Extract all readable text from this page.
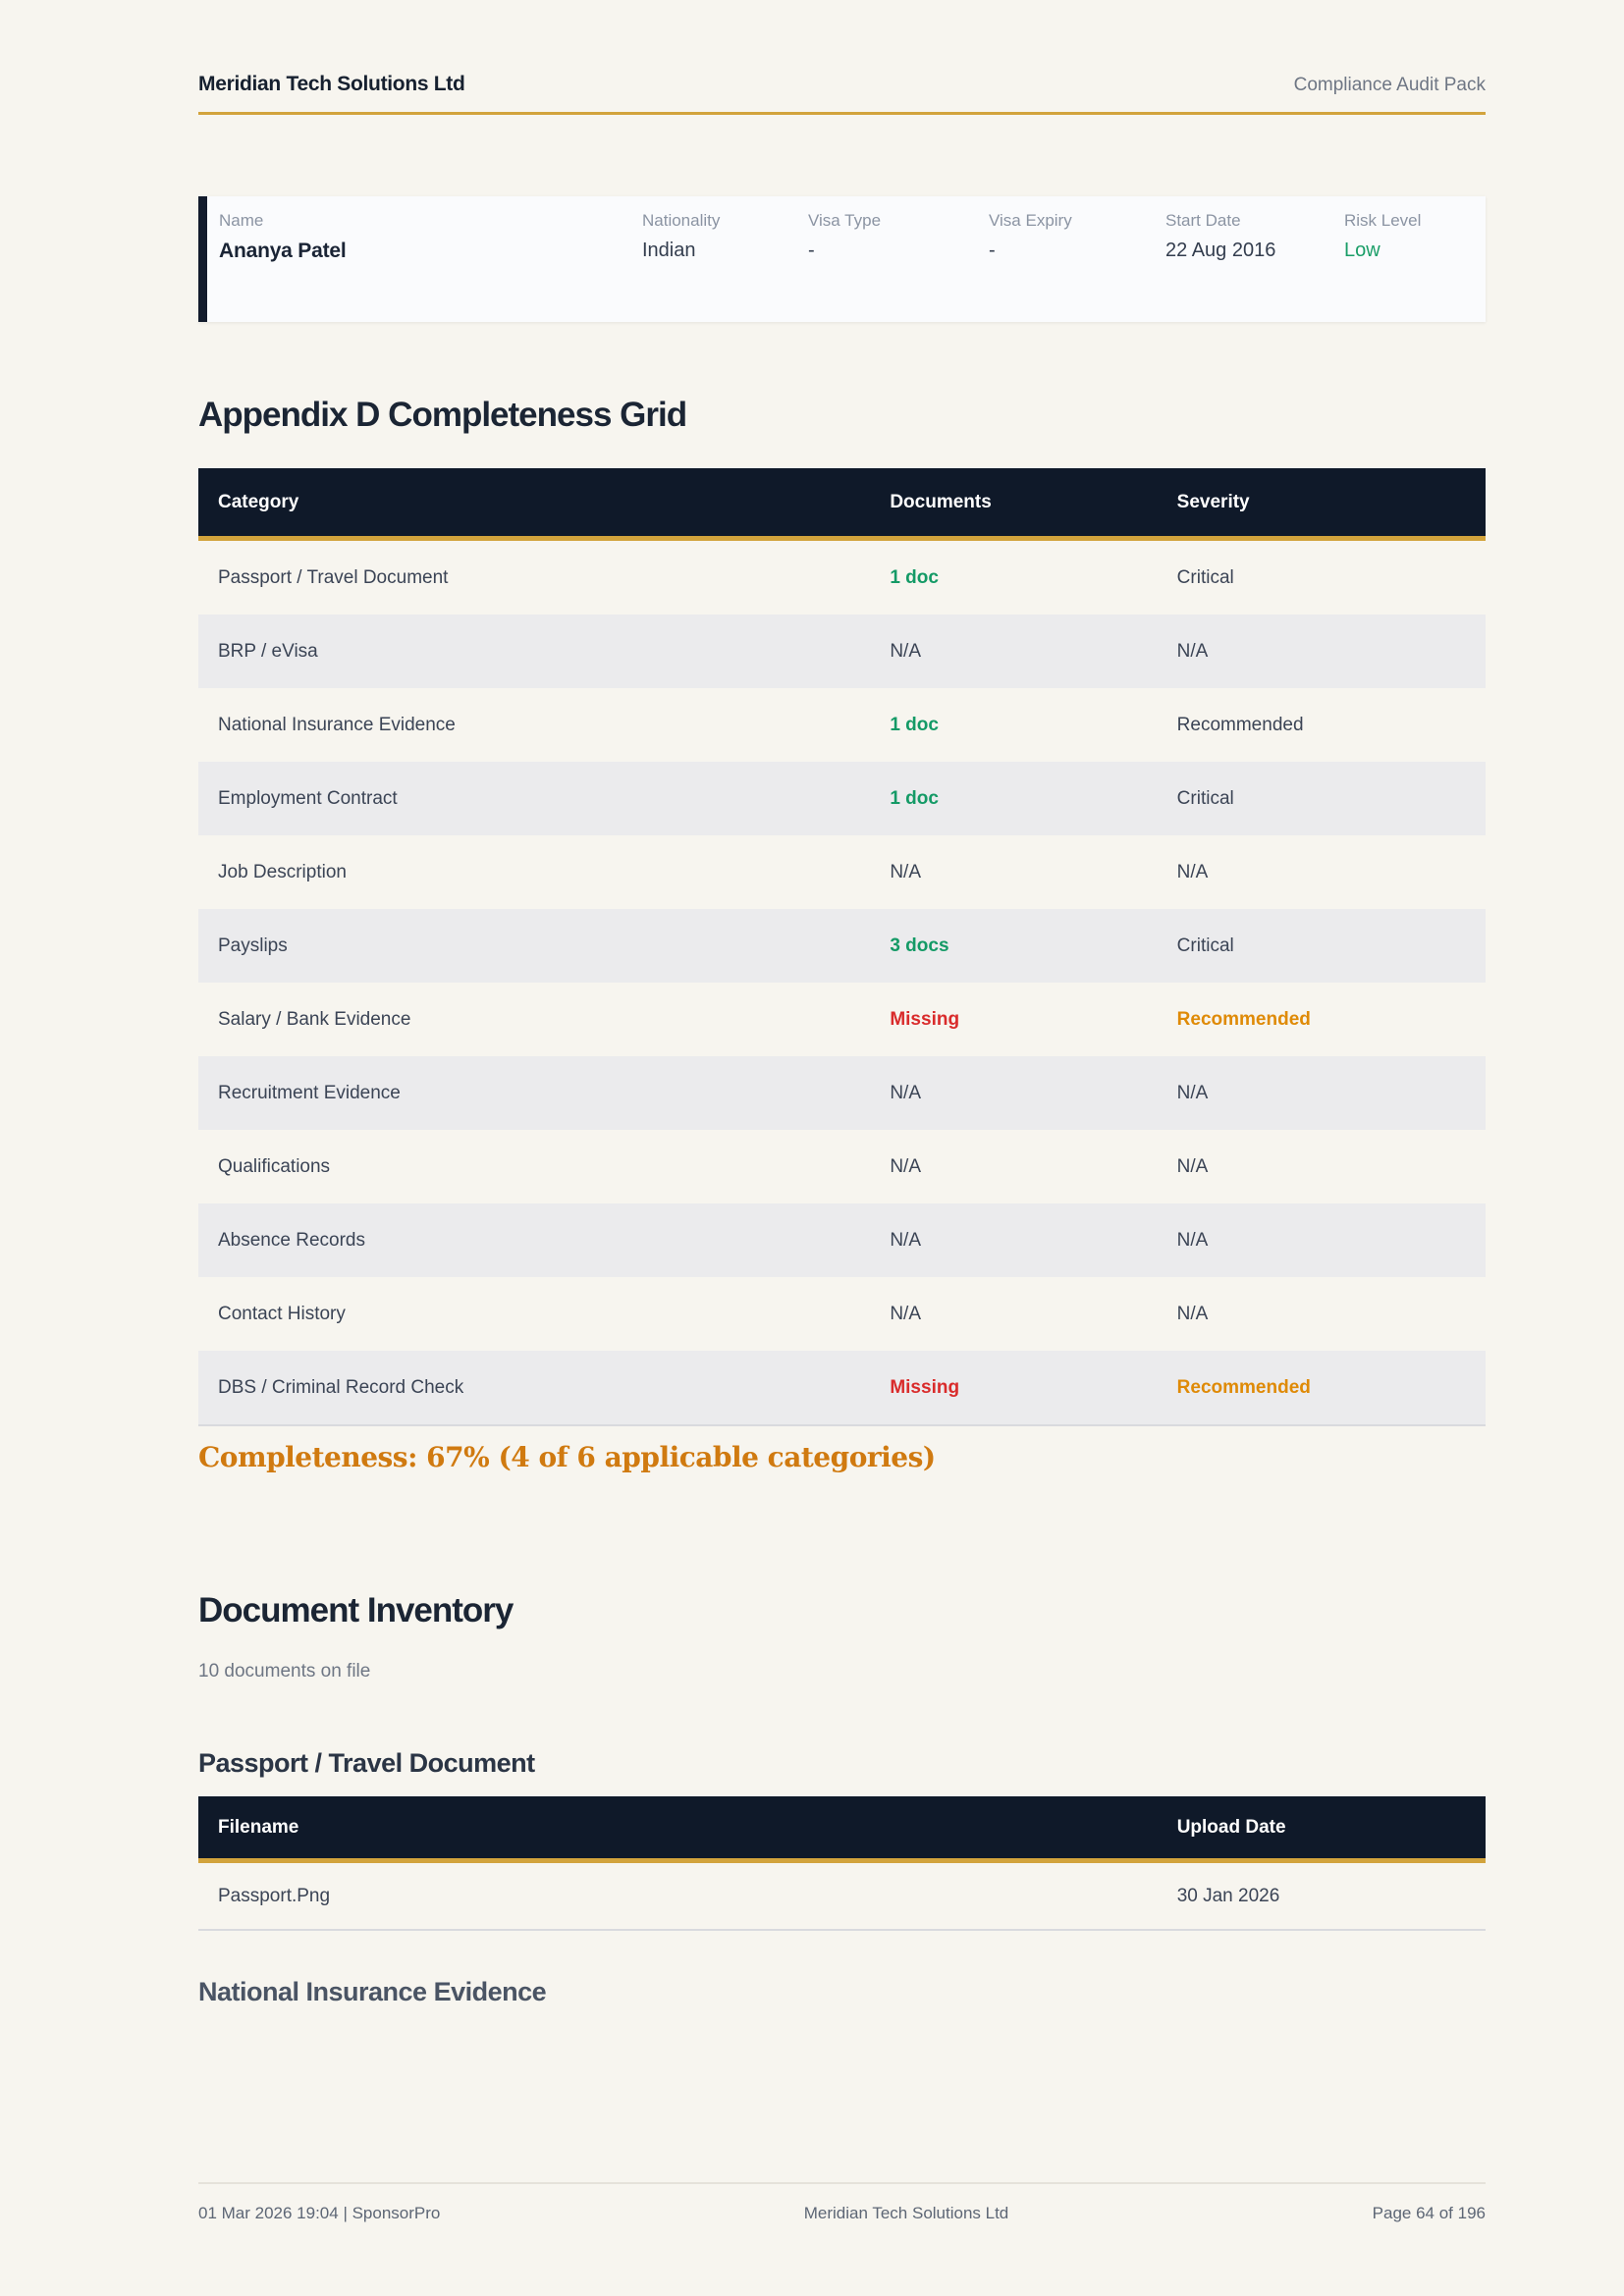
Meridian Tech Solutions Ltd	Compliance Audit Pack
Name
Ananya Patel
Nationality
Indian
Visa Type
-
Visa Expiry
-
Start Date
22 Aug 2016
Risk Level
Low
Appendix D Completeness Grid
Category	Documents	Severity
Passport / Travel Document	1 doc	Critical
BRP / eVisa	N/A	N/A
National Insurance Evidence	1 doc	Recommended
Employment Contract	1 doc	Critical
Job Description	N/A	N/A
Payslips	3 docs	Critical
Salary / Bank Evidence	Missing	Recommended
Recruitment Evidence	N/A	N/A
Qualifications	N/A	N/A
Absence Records	N/A	N/A
Contact History	N/A	N/A
DBS / Criminal Record Check	Missing	Recommended

Completeness: 67% (4 of 6 applicable categories)

Document Inventory

10 documents on file

Passport / Travel Document
Filename	Upload Date
Passport.Png	30 Jan 2026
National Insurance Evidence
01 Mar 2026 19:04 | SponsorPro	Meridian Tech Solutions Ltd	Page 64 of 196
